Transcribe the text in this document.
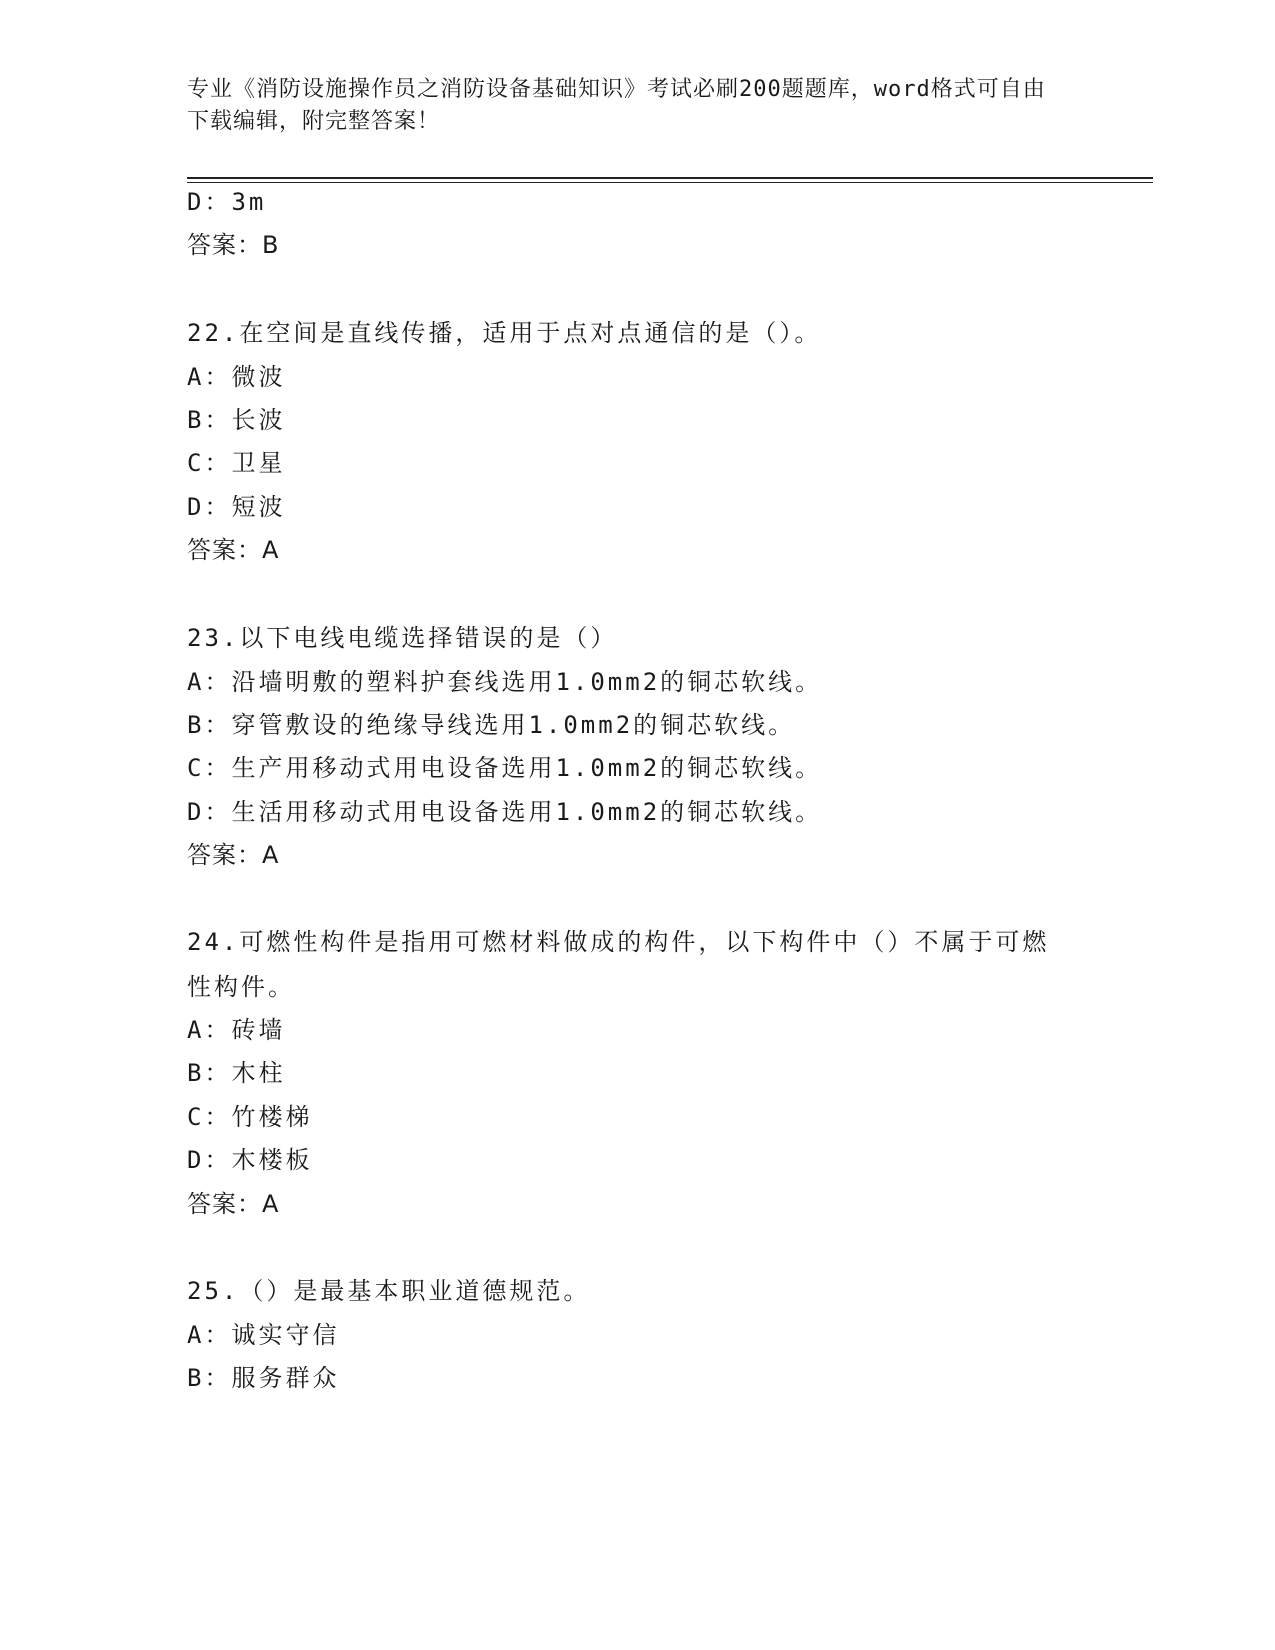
专业《消防设施操作员之消防设备基础知识》考试必刷200题题库，word格式可自由下载编辑，附完整答案！
D：3m
答案：B
22.在空间是直线传播，适用于点对点通信的是（）。
A：微波
B：长波
C：卫星
D：短波
答案：A
23.以下电线电缆选择错误的是（）
A：沿墙明敷的塑料护套线选用1.0mm2的铜芯软线。
B：穿管敷设的绝缘导线选用1.0mm2的铜芯软线。
C：生产用移动式用电设备选用1.0mm2的铜芯软线。
D：生活用移动式用电设备选用1.0mm2的铜芯软线。
答案：A
24.可燃性构件是指用可燃材料做成的构件，以下构件中（）不属于可燃性构件。
A：砖墙
B：木柱
C：竹楼梯
D：木楼板
答案：A
25.（）是最基本职业道德规范。
A：诚实守信
B：服务群众
